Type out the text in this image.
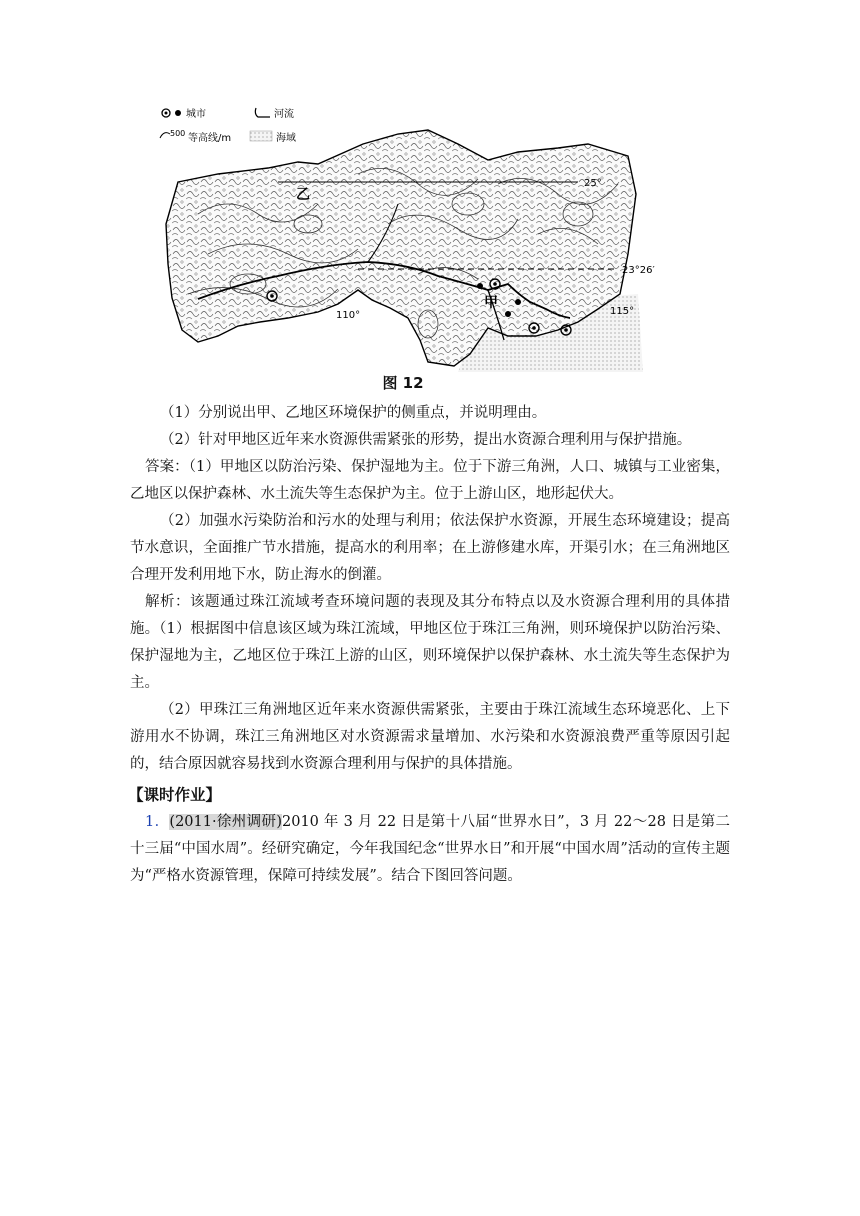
城市	河流
500 等高线/m	海域
乙
甲
25°
23°26′
110°	115°
图 12

（1）分别说出甲、乙地区环境保护的侧重点，并说明理由。

（2）针对甲地区近年来水资源供需紧张的形势，提出水资源合理利用与保护措施。

答案：（1）甲地区以防治污染、保护湿地为主。位于下游三角洲，人口、城镇与工业密集，乙地区以保护森林、水土流失等生态保护为主。位于上游山区，地形起伏大。

（2）加强水污染防治和污水的处理与利用；依法保护水资源，开展生态环境建设；提高节水意识，全面推广节水措施，提高水的利用率；在上游修建水库，开渠引水；在三角洲地区合理开发利用地下水，防止海水的倒灌。

解析：该题通过珠江流域考查环境问题的表现及其分布特点以及水资源合理利用的具体措施。（1）根据图中信息该区域为珠江流域，甲地区位于珠江三角洲，则环境保护以防治污染、保护湿地为主，乙地区位于珠江上游的山区，则环境保护以保护森林、水土流失等生态保护为主。

（2）甲珠江三角洲地区近年来水资源供需紧张，主要由于珠江流域生态环境恶化、上下游用水不协调，珠江三角洲地区对水资源需求量增加、水污染和水资源浪费严重等原因引起的，结合原因就容易找到水资源合理利用与保护的具体措施。

【课时作业】

1．(2011·徐州调研)2010 年 3 月 22 日是第十八届“世界水日”，3 月 22～28 日是第二十三届“中国水周”。经研究确定，今年我国纪念“世界水日”和开展“中国水周”活动的宣传主题为“严格水资源管理，保障可持续发展”。结合下图回答问题。
